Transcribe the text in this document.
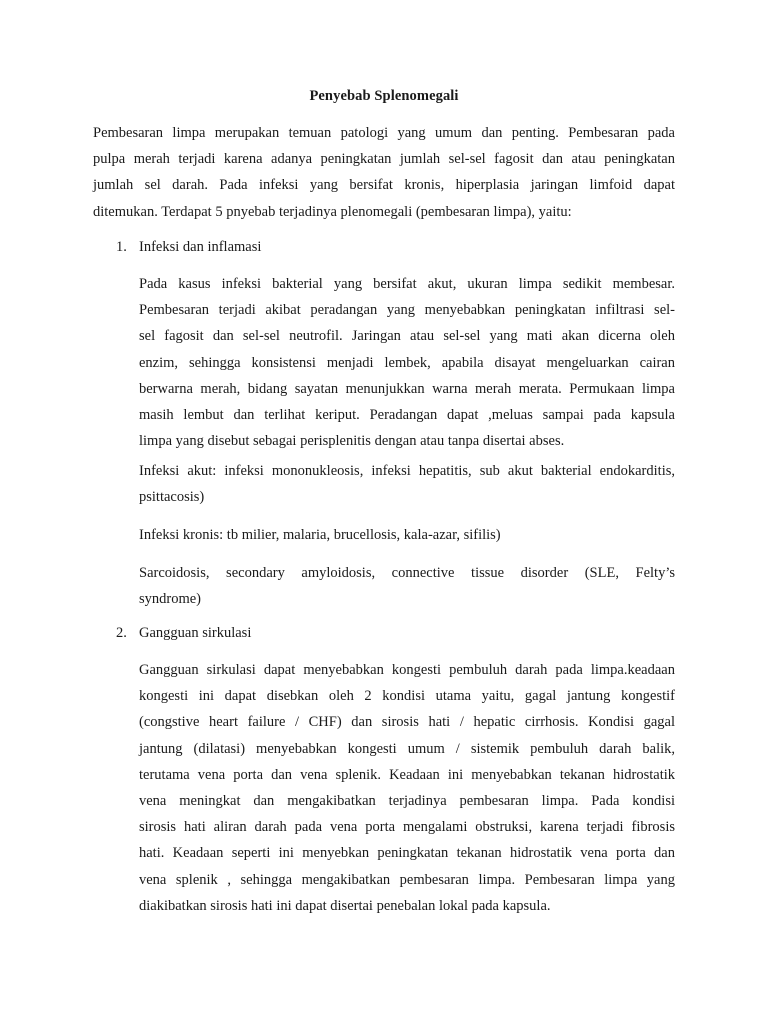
Penyebab Splenomegali
Pembesaran limpa merupakan temuan patologi yang umum dan penting. Pembesaran pada
pulpa merah terjadi karena adanya peningkatan jumlah sel-sel fagosit dan atau peningkatan
jumlah sel darah. Pada infeksi yang bersifat kronis, hiperplasia jaringan limfoid dapat
ditemukan. Terdapat 5 pnyebab terjadinya plenomegali (pembesaran limpa), yaitu:
1. Infeksi dan inflamasi
Pada kasus infeksi bakterial yang bersifat akut, ukuran limpa sedikit membesar.
Pembesaran terjadi akibat peradangan yang menyebabkan peningkatan infiltrasi sel-
sel fagosit dan sel-sel neutrofil. Jaringan atau sel-sel yang mati akan dicerna oleh
enzim, sehingga konsistensi menjadi lembek, apabila disayat mengeluarkan cairan
berwarna merah, bidang sayatan menunjukkan warna merah merata. Permukaan limpa
masih lembut dan terlihat keriput. Peradangan dapat ,meluas sampai pada kapsula
limpa yang disebut sebagai perisplenitis dengan atau tanpa disertai abses.
Infeksi akut: infeksi mononukleosis, infeksi hepatitis, sub akut bakterial endokarditis,
psittacosis)
Infeksi kronis: tb milier, malaria, brucellosis, kala-azar, sifilis)
Sarcoidosis, secondary amyloidosis, connective tissue disorder (SLE, Felty’s
syndrome)
2. Gangguan sirkulasi
Gangguan sirkulasi dapat menyebabkan kongesti pembuluh darah pada limpa.keadaan
kongesti ini dapat disebkan oleh 2 kondisi utama yaitu, gagal jantung kongestif
(congstive heart failure / CHF) dan sirosis hati / hepatic cirrhosis. Kondisi gagal
jantung (dilatasi) menyebabkan kongesti umum / sistemik pembuluh darah balik,
terutama vena porta dan vena splenik. Keadaan ini menyebabkan tekanan hidrostatik
vena meningkat dan mengakibatkan terjadinya pembesaran limpa. Pada kondisi
sirosis hati aliran darah pada vena porta mengalami obstruksi, karena terjadi fibrosis
hati. Keadaan seperti ini menyebkan peningkatan tekanan hidrostatik vena porta dan
vena splenik , sehingga mengakibatkan pembesaran limpa. Pembesaran limpa yang
diakibatkan sirosis hati ini dapat disertai penebalan lokal pada kapsula.
